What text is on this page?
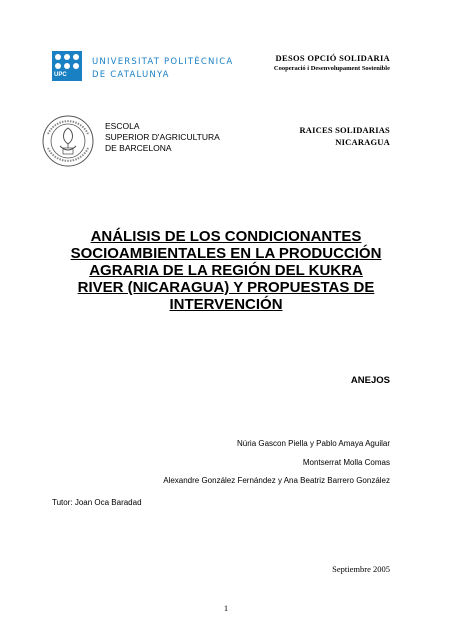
UPC
UNIVERSITAT POLITÈCNICA
DE CATALUNYA
DESOS OPCIÓ SOLIDARIA
Cooperació i Desenvolupament Sostenible
ESCOLA
SUPERIOR D'AGRICULTURA
DE BARCELONA
RAICES SOLIDARIAS
NICARAGUA
ANÁLISIS DE LOS CONDICIONANTES
SOCIOAMBIENTALES EN LA PRODUCCIÓN
AGRARIA DE LA REGIÓN DEL KUKRA
RIVER (NICARAGUA) Y PROPUESTAS DE
INTERVENCIÓN
ANEJOS
Núria Gascon Piella y Pablo Amaya Aguilar
Montserrat Molla Comas
Alexandre González Fernández y Ana Beatriz Barrero González
Tutor: Joan Oca Baradad
Septiembre 2005
1
